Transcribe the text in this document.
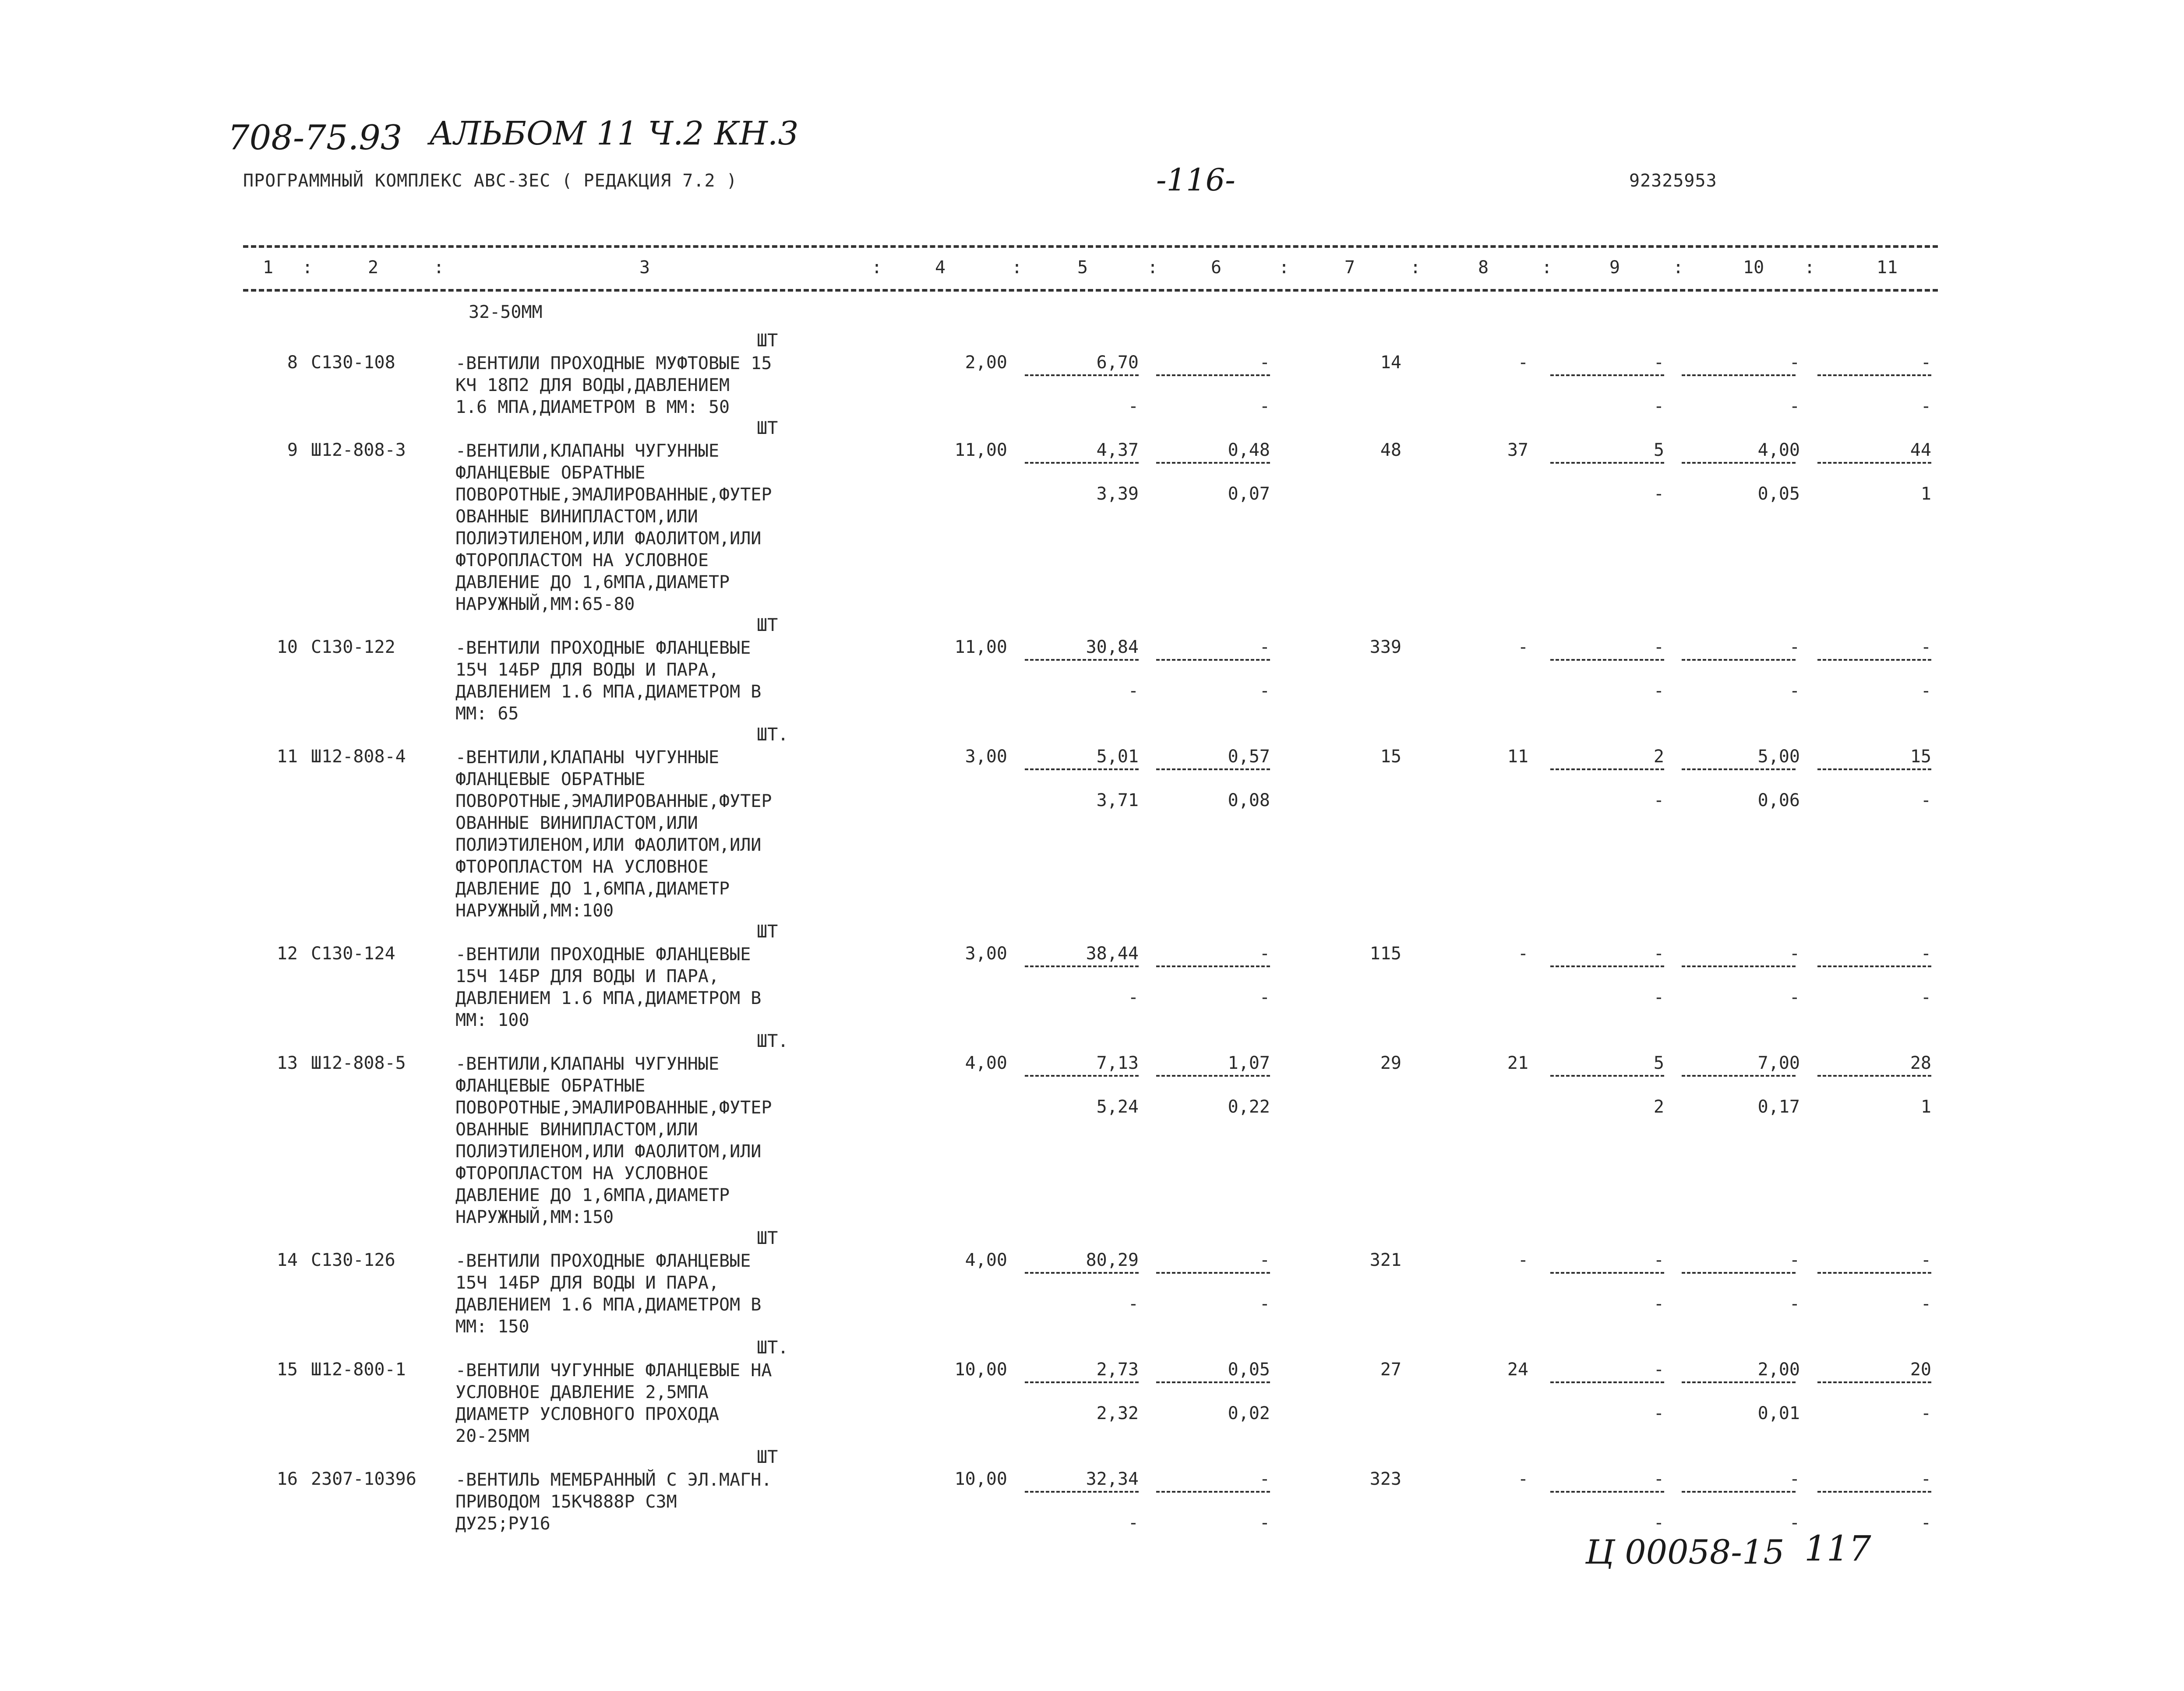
708-75.93 АЛЬБОМ 11 Ч.2 КН.3
ПРОГРАММНЫЙ КОМПЛЕКС АВС-3ЕС ( РЕДАКЦИЯ 7.2 )	-116-	92325953
1	2	3	4	5	6	7	8	9	10	11
:	:	:	:	:	:	:	:	:	:
32-50ММ
ШТ
8 С130-108	-ВЕНТИЛИ ПРОХОДНЫЕ МУФТОВЫЕ 15
КЧ 18П2 ДЛЯ ВОДЫ,ДАВЛЕНИЕМ
1.6 МПА,ДИАМЕТРОМ В ММ: 50
2,00	6,70	-	14	-	-	-	-
-	-	-	-	-
ШТ
9 Ш12-808-3	-ВЕНТИЛИ,КЛАПАНЫ ЧУГУННЫЕ
ФЛАНЦЕВЫЕ ОБРАТНЫЕ
ПОВОРОТНЫЕ,ЭМАЛИРОВАННЫЕ,ФУТЕР
ОВАННЫЕ ВИНИПЛАСТОМ,ИЛИ
ПОЛИЭТИЛЕНОМ,ИЛИ ФАОЛИТОМ,ИЛИ
ФТОРОПЛАСТОМ НА УСЛОВНОЕ
ДАВЛЕНИЕ ДО 1,6МПА,ДИАМЕТР
НАРУЖНЫЙ,ММ:65-80
11,00	4,37	0,48	48	37	5	4,00	44
3,39	0,07	-	0,05	1
ШТ
10 С130-122	-ВЕНТИЛИ ПРОХОДНЫЕ ФЛАНЦЕВЫЕ
15Ч 14БР ДЛЯ ВОДЫ И ПАРА,
ДАВЛЕНИЕМ 1.6 МПА,ДИАМЕТРОМ В
ММ: 65
11,00	30,84	-	339	-	-	-	-
-	-	-	-	-
ШТ.
11 Ш12-808-4	-ВЕНТИЛИ,КЛАПАНЫ ЧУГУННЫЕ
ФЛАНЦЕВЫЕ ОБРАТНЫЕ
ПОВОРОТНЫЕ,ЭМАЛИРОВАННЫЕ,ФУТЕР
ОВАННЫЕ ВИНИПЛАСТОМ,ИЛИ
ПОЛИЭТИЛЕНОМ,ИЛИ ФАОЛИТОМ,ИЛИ
ФТОРОПЛАСТОМ НА УСЛОВНОЕ
ДАВЛЕНИЕ ДО 1,6МПА,ДИАМЕТР
НАРУЖНЫЙ,ММ:100
3,00	5,01	0,57	15	11	2	5,00	15
3,71	0,08	-	0,06	-
ШТ
12 С130-124	-ВЕНТИЛИ ПРОХОДНЫЕ ФЛАНЦЕВЫЕ
15Ч 14БР ДЛЯ ВОДЫ И ПАРА,
ДАВЛЕНИЕМ 1.6 МПА,ДИАМЕТРОМ В
ММ: 100
3,00	38,44	-	115	-	-	-	-
-	-	-	-	-
ШТ.
13 Ш12-808-5	-ВЕНТИЛИ,КЛАПАНЫ ЧУГУННЫЕ
ФЛАНЦЕВЫЕ ОБРАТНЫЕ
ПОВОРОТНЫЕ,ЭМАЛИРОВАННЫЕ,ФУТЕР
ОВАННЫЕ ВИНИПЛАСТОМ,ИЛИ
ПОЛИЭТИЛЕНОМ,ИЛИ ФАОЛИТОМ,ИЛИ
ФТОРОПЛАСТОМ НА УСЛОВНОЕ
ДАВЛЕНИЕ ДО 1,6МПА,ДИАМЕТР
НАРУЖНЫЙ,ММ:150
4,00	7,13	1,07	29	21	5	7,00	28
5,24	0,22	2	0,17	1
ШТ
14 С130-126	-ВЕНТИЛИ ПРОХОДНЫЕ ФЛАНЦЕВЫЕ
15Ч 14БР ДЛЯ ВОДЫ И ПАРА,
ДАВЛЕНИЕМ 1.6 МПА,ДИАМЕТРОМ В
ММ: 150
4,00	80,29	-	321	-	-	-	-
-	-	-	-	-
ШТ.
15 Ш12-800-1	-ВЕНТИЛИ ЧУГУННЫЕ ФЛАНЦЕВЫЕ НА
УСЛОВНОЕ ДАВЛЕНИЕ 2,5МПА
ДИАМЕТР УСЛОВНОГО ПРОХОДА
20-25ММ
10,00	2,73	0,05	27	24	-	2,00	20
2,32	0,02	-	0,01	-
ШТ
16 2307-10396 -ВЕНТИЛЬ МЕМБРАННЫЙ С ЭЛ.МАГН.
ПРИВОДОМ 15КЧ888Р СЗМ
ДУ25;РУ16
10,00	32,34	-	323	-	-	-	-
-	-	-	-	-
Ц 00058-15 117
